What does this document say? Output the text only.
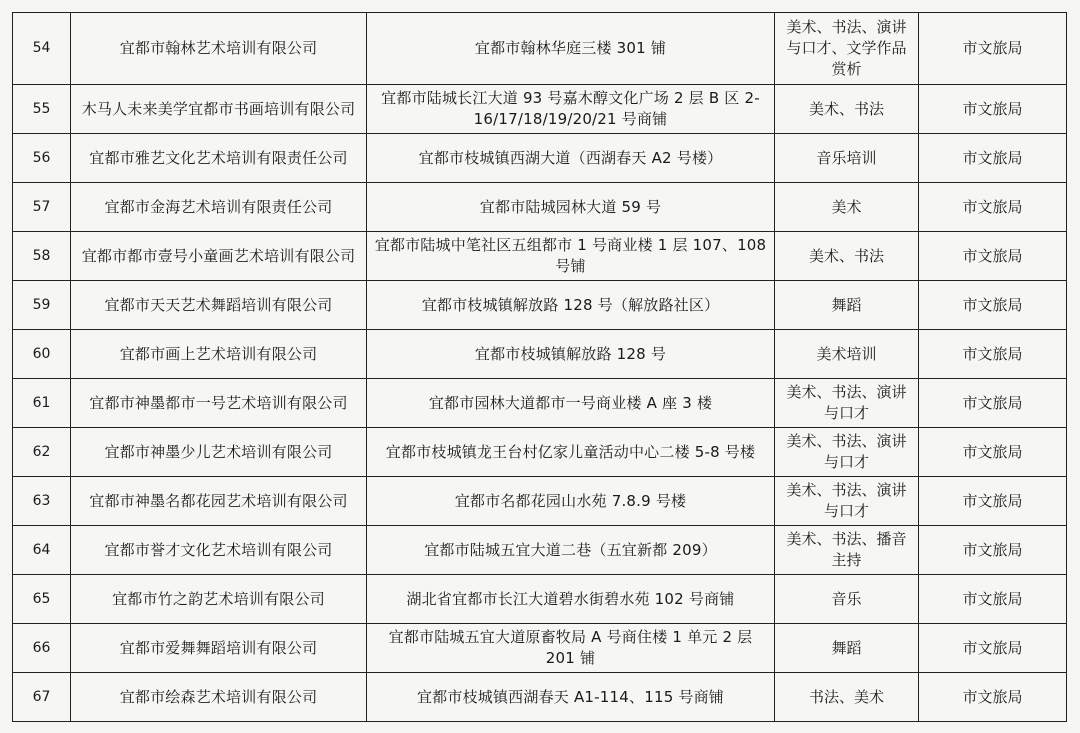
54	宜都市翰林艺术培训有限公司	宜都市翰林华庭三楼 301 铺	美术、书法、演讲与口才、文学作品赏析	市文旅局
55	木马人未来美学宜都市书画培训有限公司	宜都市陆城长江大道 93 号嘉木醇文化广场 2 层 B 区 2-16/17/18/19/20/21 号商铺	美术、书法	市文旅局
56	宜都市雅艺文化艺术培训有限责任公司	宜都市枝城镇西湖大道（西湖春天 A2 号楼）	音乐培训	市文旅局
57	宜都市金海艺术培训有限责任公司	宜都市陆城园林大道 59 号	美术	市文旅局
58	宜都市都市壹号小童画艺术培训有限公司	宜都市陆城中笔社区五组都市 1 号商业楼 1 层 107、108 号铺	美术、书法	市文旅局
59	宜都市天天艺术舞蹈培训有限公司	宜都市枝城镇解放路 128 号（解放路社区）	舞蹈	市文旅局
60	宜都市画上艺术培训有限公司	宜都市枝城镇解放路 128 号	美术培训	市文旅局
61	宜都市神墨都市一号艺术培训有限公司	宜都市园林大道都市一号商业楼 A 座 3 楼	美术、书法、演讲与口才	市文旅局
62	宜都市神墨少儿艺术培训有限公司	宜都市枝城镇龙王台村亿家儿童活动中心二楼 5-8 号楼	美术、书法、演讲与口才	市文旅局
63	宜都市神墨名都花园艺术培训有限公司	宜都市名都花园山水苑 7.8.9 号楼	美术、书法、演讲与口才	市文旅局
64	宜都市誉才文化艺术培训有限公司	宜都市陆城五宜大道二巷（五宜新都 209）	美术、书法、播音主持	市文旅局
65	宜都市竹之韵艺术培训有限公司	湖北省宜都市长江大道碧水街碧水苑 102 号商铺	音乐	市文旅局
66	宜都市爱舞舞蹈培训有限公司	宜都市陆城五宜大道原畜牧局 A 号商住楼 1 单元 2 层 201 铺	舞蹈	市文旅局
67	宜都市绘森艺术培训有限公司	宜都市枝城镇西湖春天 A1-114、115 号商铺	书法、美术	市文旅局
